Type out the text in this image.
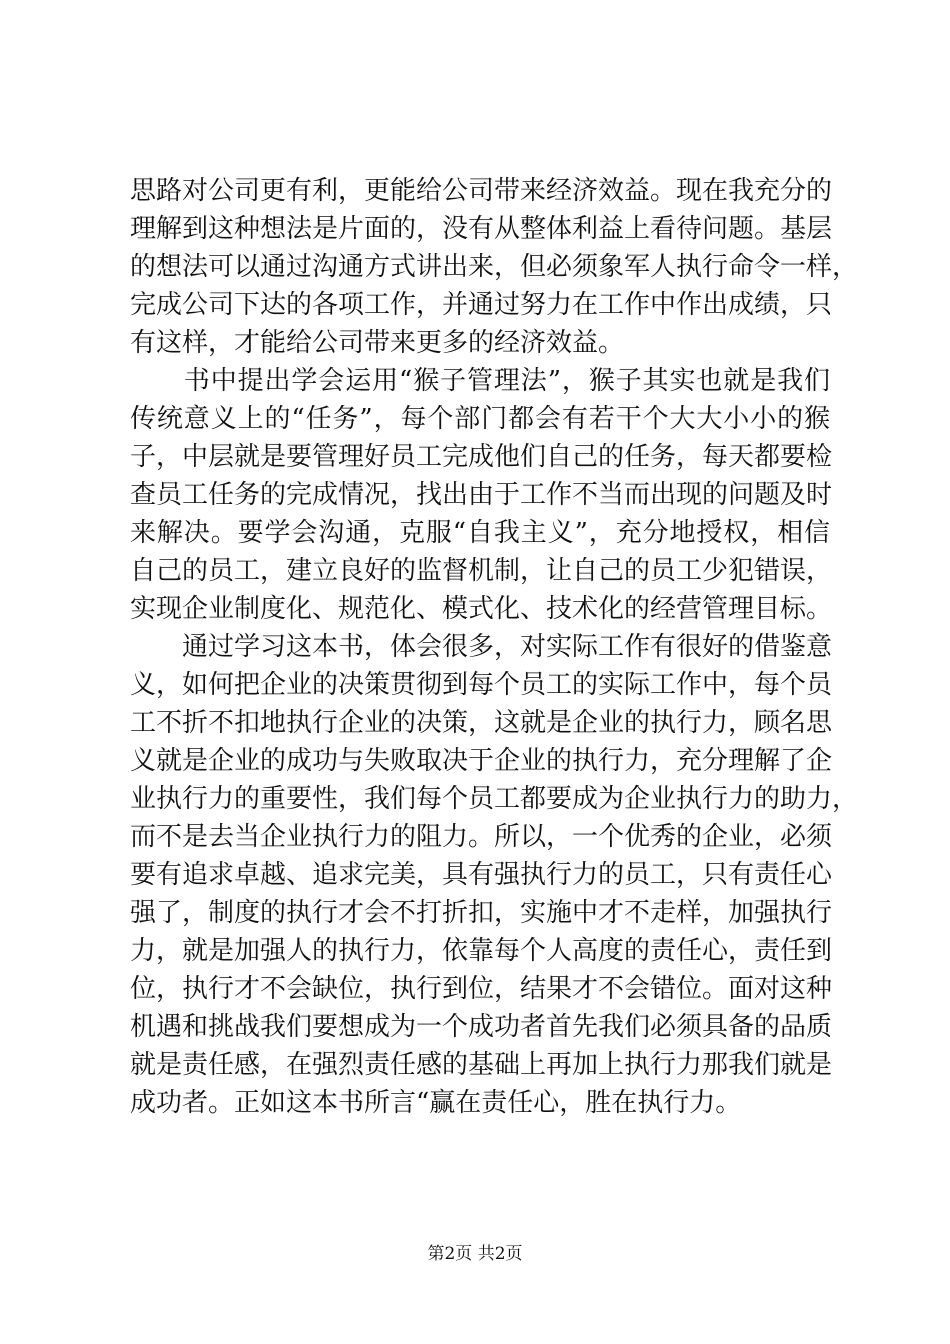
思路对公司更有利，更能给公司带来经济效益。现在我充分的
理解到这种想法是片面的，没有从整体利益上看待问题。基层
的想法可以通过沟通方式讲出来，但必须象军人执行命令一样，
完成公司下达的各项工作，并通过努力在工作中作出成绩，只
有这样，才能给公司带来更多的经济效益。
　　书中提出学会运用“猴子管理法”，猴子其实也就是我们
传统意义上的“任务”，每个部门都会有若干个大大小小的猴
子，中层就是要管理好员工完成他们自己的任务，每天都要检
查员工任务的完成情况，找出由于工作不当而出现的问题及时
来解决。要学会沟通，克服“自我主义”，充分地授权，相信
自己的员工，建立良好的监督机制，让自己的员工少犯错误，
实现企业制度化、规范化、模式化、技术化的经营管理目标。
　　通过学习这本书，体会很多，对实际工作有很好的借鉴意
义，如何把企业的决策贯彻到每个员工的实际工作中，每个员
工不折不扣地执行企业的决策，这就是企业的执行力，顾名思
义就是企业的成功与失败取决于企业的执行力，充分理解了企
业执行力的重要性，我们每个员工都要成为企业执行力的助力，
而不是去当企业执行力的阻力。所以，一个优秀的企业，必须
要有追求卓越、追求完美，具有强执行力的员工，只有责任心
强了，制度的执行才会不打折扣，实施中才不走样，加强执行
力，就是加强人的执行力，依靠每个人高度的责任心，责任到
位，执行才不会缺位，执行到位，结果才不会错位。面对这种
机遇和挑战我们要想成为一个成功者首先我们必须具备的品质
就是责任感，在强烈责任感的基础上再加上执行力那我们就是
成功者。正如这本书所言“赢在责任心，胜在执行力。
第2页 共2页
